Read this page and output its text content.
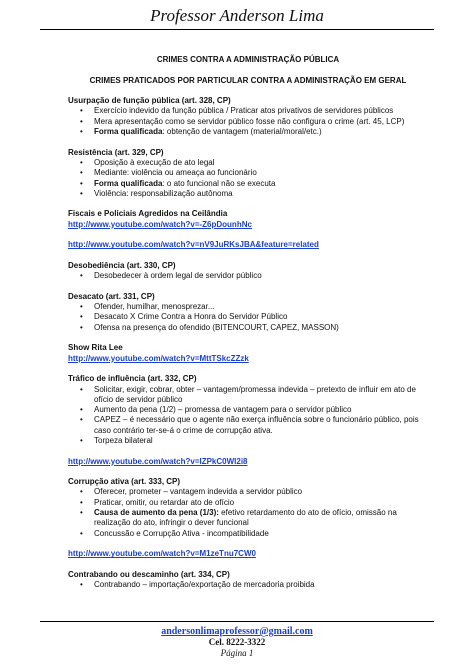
Professor Anderson Lima
CRIMES CONTRA A ADMINISTRAÇÃO PÚBLICA
CRIMES PRATICADOS POR PARTICULAR CONTRA A ADMINISTRAÇÃO EM GERAL
Usurpação de função pública (art. 328, CP)
• Exercício indevido da função pública / Praticar atos privativos de servidores públicos
• Mera apresentação como se servidor público fosse não configura o crime (art. 45, LCP)
• Forma qualificada: obtenção de vantagem (material/moral/etc.)
Resistência (art. 329, CP)
• Oposição à execução de ato legal
• Mediante: violência ou ameaça ao funcionário
• Forma qualificada: o ato funcional não se executa
• Violência: responsabilização autônoma
Fiscais e Policiais Agredidos na Ceilândia
http://www.youtube.com/watch?v=-Z6pDounhNc
http://www.youtube.com/watch?v=nV9JuRKsJBA&feature=related
Desobediência (art. 330, CP)
• Desobedecer à ordem legal de servidor público
Desacato (art. 331, CP)
• Ofender, humilhar, menosprezar...
• Desacato X Crime Contra a Honra do Servidor Público
• Ofensa na presença do ofendido (BITENCOURT, CAPEZ, MASSON)
Show Rita Lee
http://www.youtube.com/watch?v=MttTSkcZZzk
Tráfico de influência (art. 332, CP)
• Solicitar, exigir, cobrar, obter – vantagem/promessa indevida – pretexto de influir em ato de ofício de servidor público
• Aumento da pena (1/2) – promessa de vantagem para o servidor público
• CAPEZ – é necessário que o agente não exerça influência sobre o funcionário público, pois caso contrário ter-se-á o crime de corrupção ativa.
• Torpeza bilateral
http://www.youtube.com/watch?v=IZPkC0WI2i8
Corrupção ativa (art. 333, CP)
• Oferecer, prometer – vantagem indevida a servidor público
• Praticar, omitir, ou retardar ato de ofício
• Causa de aumento da pena (1/3): efetivo retardamento do ato de ofício, omissão na realização do ato, infringir o dever funcional
• Concussão e Corrupção Ativa - incompatibilidade
http://www.youtube.com/watch?v=M1zeTnu7CW0
Contrabando ou descaminho (art. 334, CP)
• Contrabando – importação/exportação de mercadoria proibida
andersonlimaprofessor@gmail.com
Cel. 8222-3322
Página 1
